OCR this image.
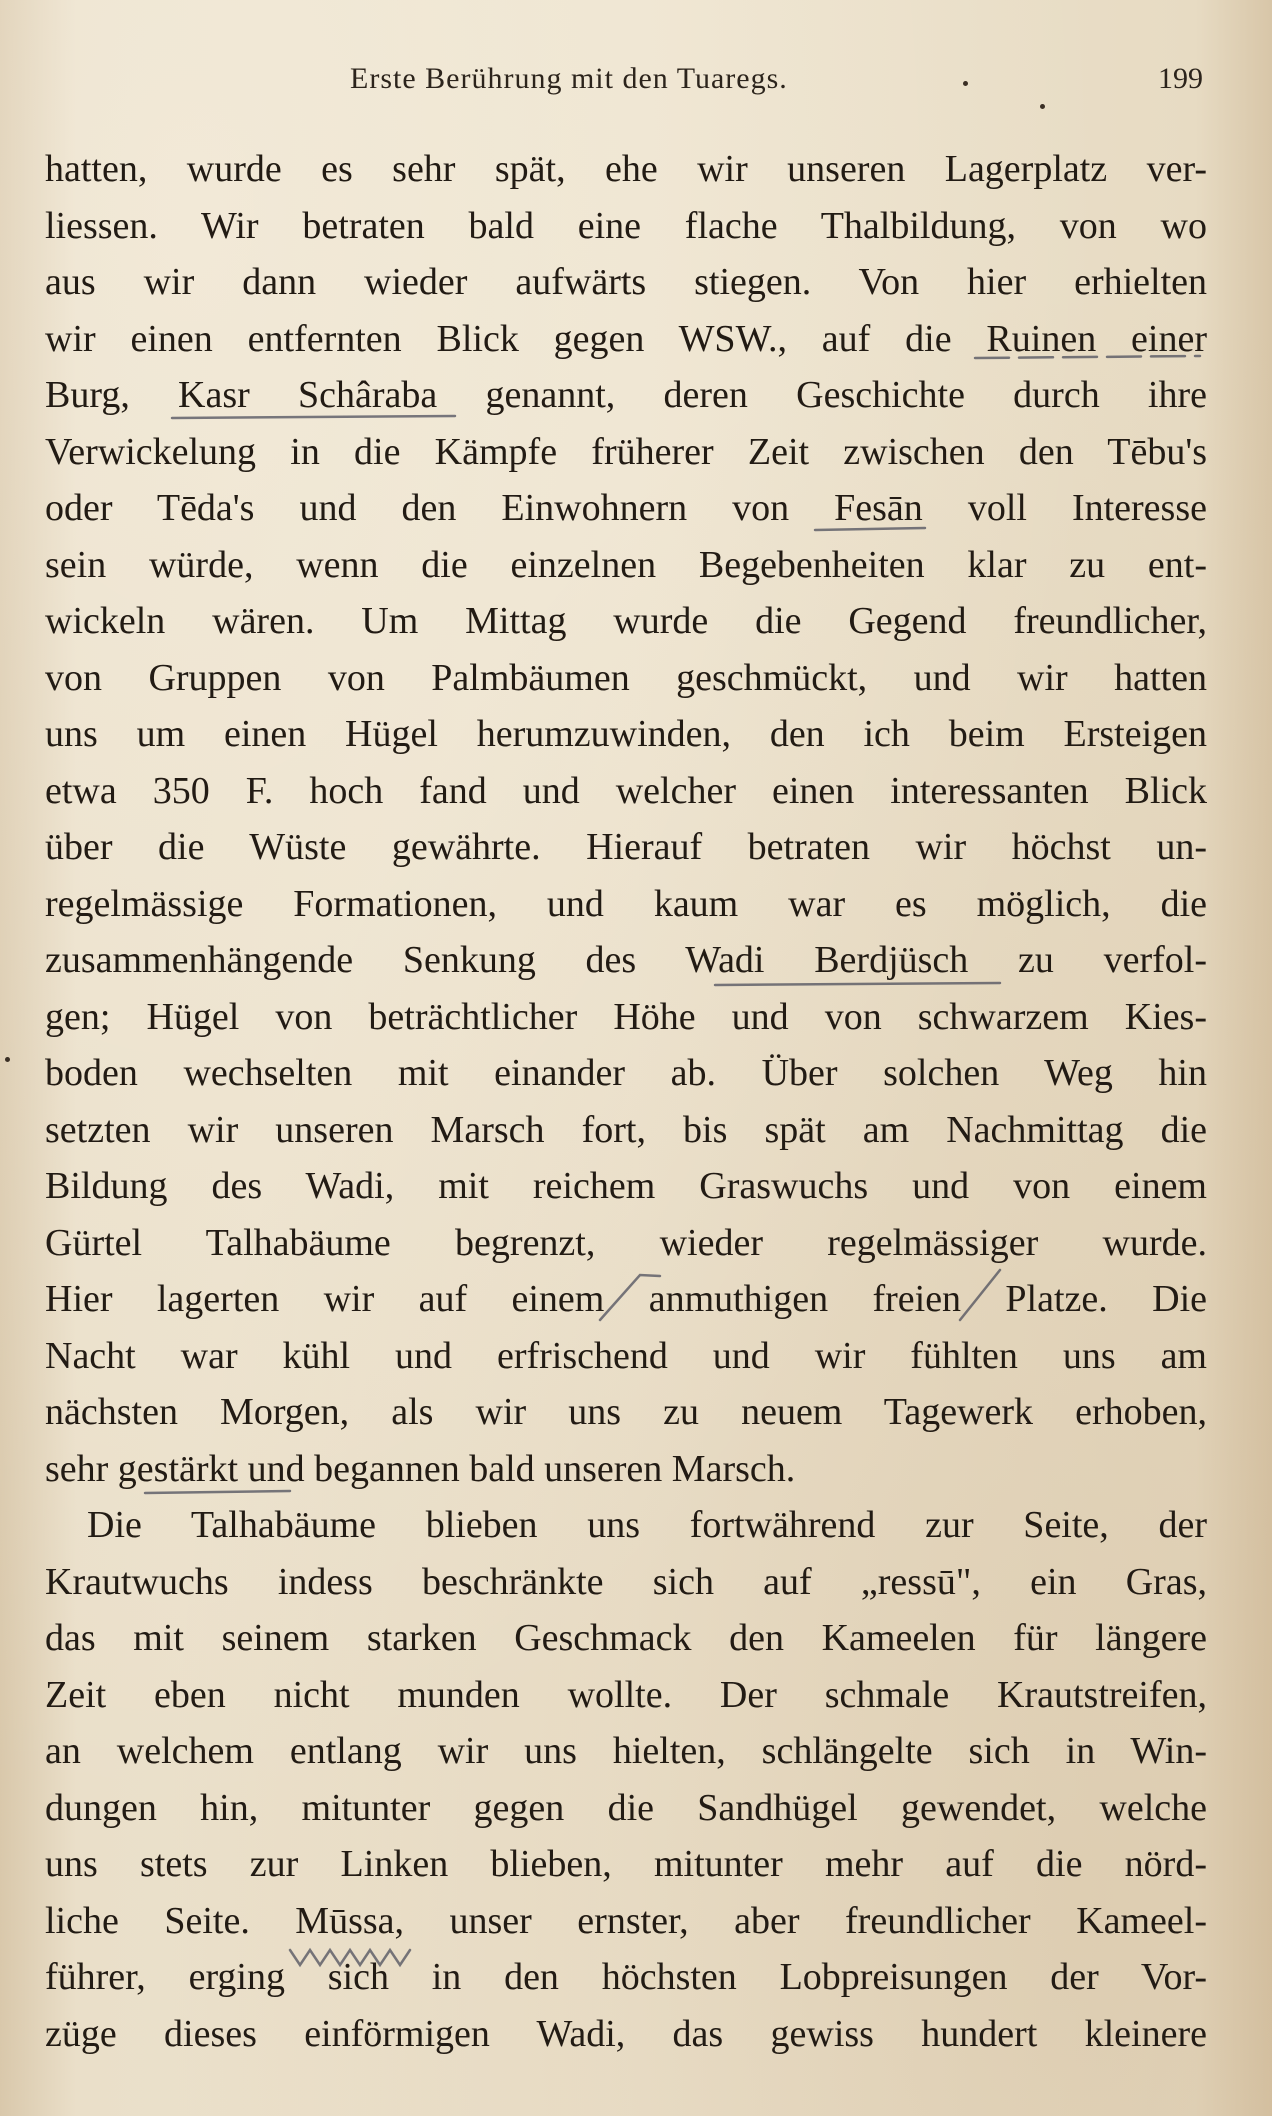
Erste Berührung mit den Tuaregs.	199
hatten, wurde es sehr spät, ehe wir unseren Lagerplatz ver-
liessen. Wir betraten bald eine flache Thalbildung, von wo
aus wir dann wieder aufwärts stiegen. Von hier erhielten
wir einen entfernten Blick gegen WSW., auf die Ruinen einer
Burg, Kasr Schâraba genannt, deren Geschichte durch ihre
Verwickelung in die Kämpfe früherer Zeit zwischen den Tēbu's
oder Tēda's und den Einwohnern von Fesān voll Interesse
sein würde, wenn die einzelnen Begebenheiten klar zu ent-
wickeln wären. Um Mittag wurde die Gegend freundlicher,
von Gruppen von Palmbäumen geschmückt, und wir hatten
uns um einen Hügel herumzuwinden, den ich beim Ersteigen
etwa 350 F. hoch fand und welcher einen interessanten Blick
über die Wüste gewährte. Hierauf betraten wir höchst un-
regelmässige Formationen, und kaum war es möglich, die
zusammenhängende Senkung des Wadi Berdjüsch zu verfol-
gen; Hügel von beträchtlicher Höhe und von schwarzem Kies-
boden wechselten mit einander ab. Über solchen Weg hin
setzten wir unseren Marsch fort, bis spät am Nachmittag die
Bildung des Wadi, mit reichem Graswuchs und von einem
Gürtel Talhabäume begrenzt, wieder regelmässiger wurde.
Hier lagerten wir auf einem anmuthigen freien Platze. Die
Nacht war kühl und erfrischend und wir fühlten uns am
nächsten Morgen, als wir uns zu neuem Tagewerk erhoben,
sehr gestärkt und begannen bald unseren Marsch.
Die Talhabäume blieben uns fortwährend zur Seite, der
Krautwuchs indess beschränkte sich auf „ressū", ein Gras,
das mit seinem starken Geschmack den Kameelen für längere
Zeit eben nicht munden wollte. Der schmale Krautstreifen,
an welchem entlang wir uns hielten, schlängelte sich in Win-
dungen hin, mitunter gegen die Sandhügel gewendet, welche
uns stets zur Linken blieben, mitunter mehr auf die nörd-
liche Seite. Mūssa, unser ernster, aber freundlicher Kameel-
führer, erging sich in den höchsten Lobpreisungen der Vor-
züge dieses einförmigen Wadi, das gewiss hundert kleinere
